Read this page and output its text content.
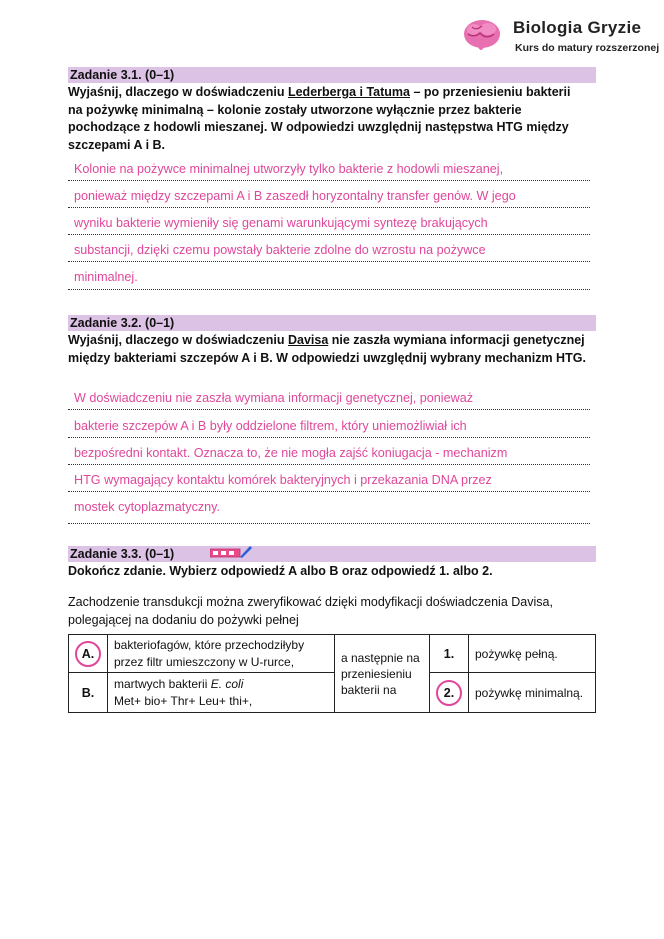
Biologia Gryzie
Kurs do matury rozszerzonej
Zadanie 3.1. (0–1)
Wyjaśnij, dlaczego w doświadczeniu Lederberga i Tatuma – po przeniesieniu bakterii na pożywkę minimalną – kolonie zostały utworzone wyłącznie przez bakterie pochodzące z hodowli mieszanej. W odpowiedzi uwzględnij następstwa HTG między szczepami A i B.
Kolonie na pożywce minimalnej utworzyły tylko bakterie z hodowli mieszanej,
ponieważ między szczepami A i B zaszedł horyzontalny transfer genów. W jego
wyniku bakterie wymieniły się genami warunkującymi syntezę brakujących
substancji, dzięki czemu powstały bakterie zdolne do wzrostu na pożywce
minimalnej.
Zadanie 3.2. (0–1)
Wyjaśnij, dlaczego w doświadczeniu Davisa nie zaszła wymiana informacji genetycznej między bakteriami szczepów A i B. W odpowiedzi uwzględnij wybrany mechanizm HTG.
W doświadczeniu nie zaszła wymiana informacji genetycznej, ponieważ
bakterie szczepów A i B były oddzielone filtrem, który uniemożliwiał ich
bezpośredni kontakt. Oznacza to, że nie mogła zajść koniugacja - mechanizm
HTG wymagający kontaktu komórek bakteryjnych i przekazania DNA przez
mostek cytoplazmatyczny.
Zadanie 3.3. (0–1)
Dokończ zdanie. Wybierz odpowiedź A albo B oraz odpowiedź 1. albo 2.
Zachodzenie transdukcji można zweryfikować dzięki modyfikacji doświadczenia Davisa, polegającej na dodaniu do pożywki pełnej
A.	bakteriofagów, które przechodziłyby przez filtr umieszczony w U-rurce,	a następnie na przeniesieniu bakterii na	1.	pożywkę pełną.
B.	martwych bakterii E. coli
Met+ bio+ Thr+ Leu+ thi+,		2.	pożywkę minimalną.
